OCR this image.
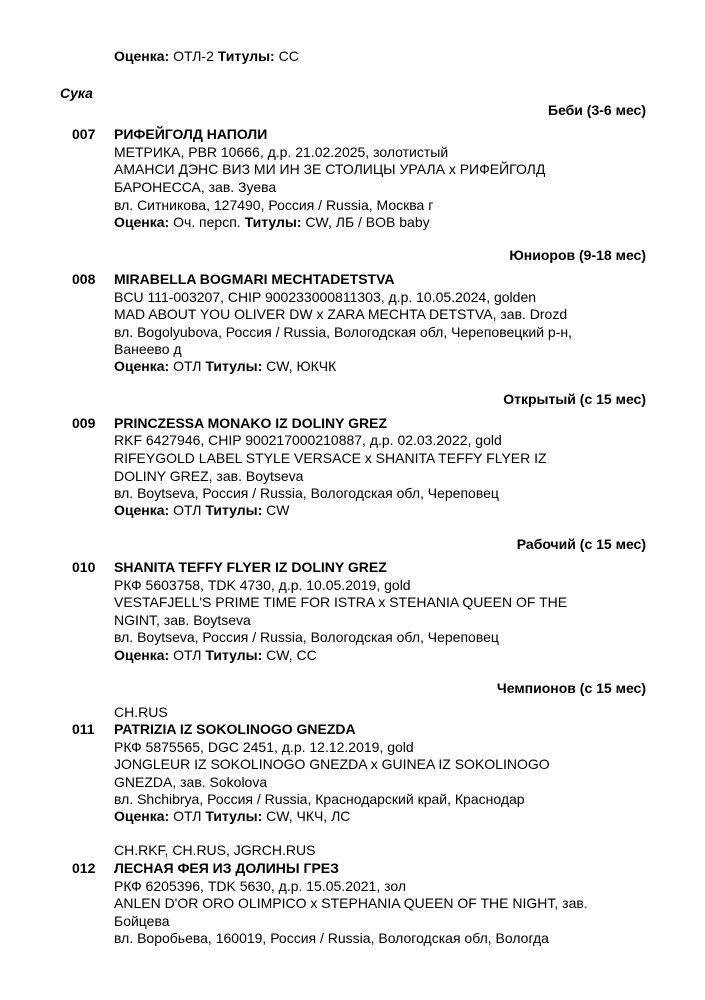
Оценка: ОТЛ-2 Титулы: СС
Сука
Беби (3-6 мес)
007 РИФЕЙГОЛД НАПОЛИ
МЕТРИКА, PBR 10666, д.р. 21.02.2025, золотистый
АМАНСИ ДЭНС ВИЗ МИ ИН ЗЕ СТОЛИЦЫ УРАЛА х РИФЕЙГОЛД
БАРОНЕССА, зав. Зуева
вл. Ситникова, 127490, Россия / Russia, Москва г
Оценка: Оч. персп. Титулы: CW, ЛБ / BOB baby
Юниоров (9-18 мес)
008 MIRABELLA BOGMARI MECHTADETSTVA
BCU 111-003207, CHIP 900233000811303, д.р. 10.05.2024, golden
MAD ABOUT YOU OLIVER DW x ZARA MECHTA DETSTVA, зав. Drozd
вл. Bogolyubova, Россия / Russia, Вологодская обл, Череповецкий р-н,
Ванеево д
Оценка: ОТЛ Титулы: CW, ЮКЧК
Открытый (с 15 мес)
009 PRINCZESSA MONAKO IZ DOLINY GREZ
RKF 6427946, CHIP 900217000210887, д.р. 02.03.2022, gold
RIFEYGOLD LABEL STYLE VERSACE x SHANITA TEFFY FLYER IZ
DOLINY GREZ, зав. Boytseva
вл. Boytseva, Россия / Russia, Вологодская обл, Череповец
Оценка: ОТЛ Титулы: CW
Рабочий (с 15 мес)
010 SHANITA TEFFY FLYER IZ DOLINY GREZ
РКФ 5603758, TDK 4730, д.р. 10.05.2019, gold
VESTAFJELL'S PRIME TIME FOR ISTRA x STEHANIA QUEEN OF THE
NGINT, зав. Boytseva
вл. Boytseva, Россия / Russia, Вологодская обл, Череповец
Оценка: ОТЛ Титулы: CW, CC
Чемпионов (с 15 мес)
CH.RUS
011 PATRIZIA IZ SOKOLINOGO GNEZDA
РКФ 5875565, DGC 2451, д.р. 12.12.2019, gold
JONGLEUR IZ SOKOLINOGO GNEZDA x GUINEA IZ SOKOLINOGO
GNEZDA, зав. Sokolova
вл. Shchibrya, Россия / Russia, Краснодарский край, Краснодар
Оценка: ОТЛ Титулы: CW, ЧКЧ, ЛС
CH.RKF, CH.RUS, JGRCH.RUS
012 ЛЕСНАЯ ФЕЯ ИЗ ДОЛИНЫ ГРЕЗ
РКФ 6205396, TDK 5630, д.р. 15.05.2021, зол
ANLEN D'OR ORO OLIMPICO x STEPHANIA QUEEN OF THE NIGHT, зав.
Бойцева
вл. Воробьева, 160019, Россия / Russia, Вологодская обл, Вологда
